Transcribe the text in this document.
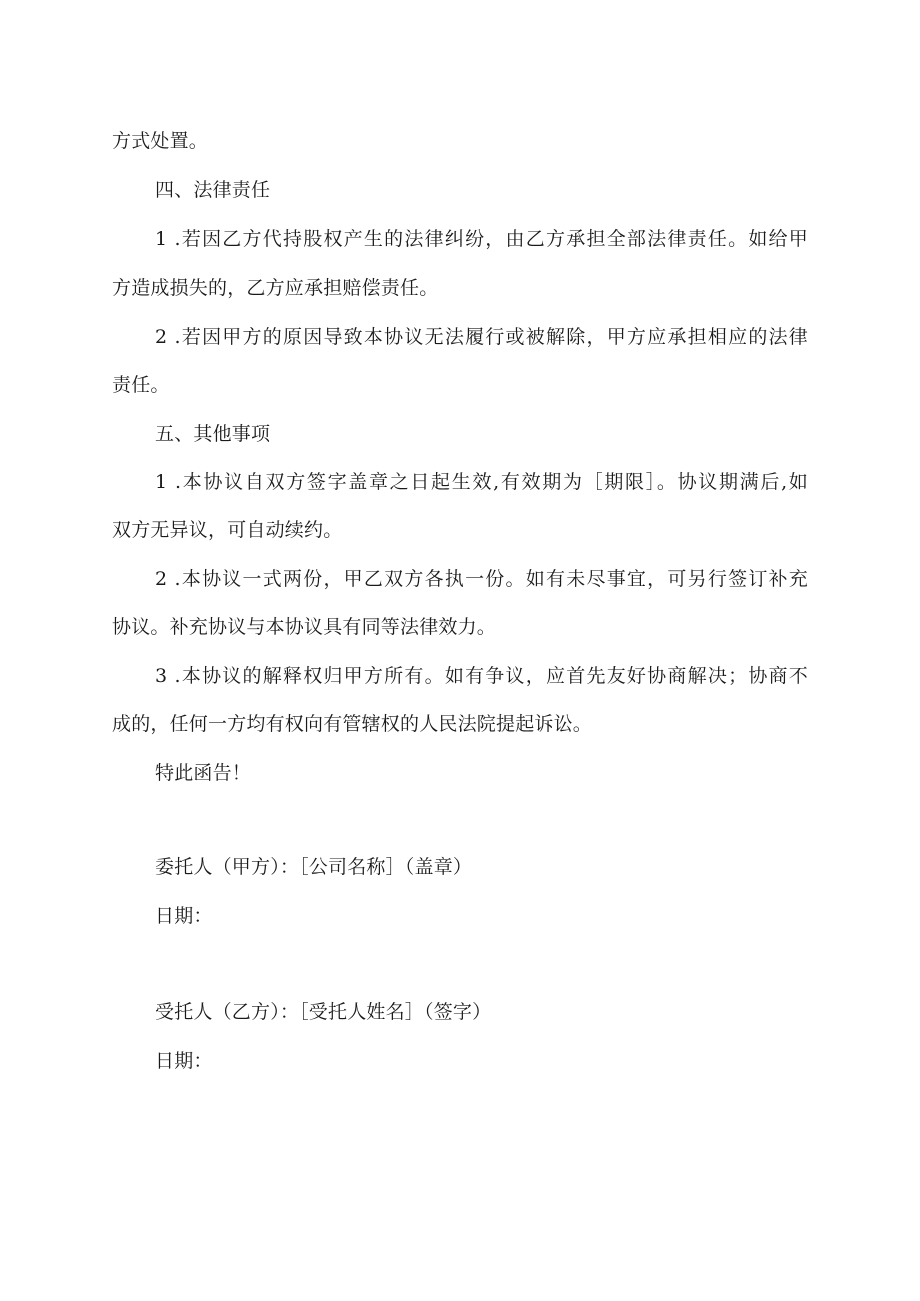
方式处置。
四、法律责任
1 .若因乙方代持股权产生的法律纠纷，由乙方承担全部法律责任。如给甲
方造成损失的，乙方应承担赔偿责任。
2 .若因甲方的原因导致本协议无法履行或被解除，甲方应承担相应的法律
责任。
五、其他事项
1 .本协议自双方签字盖章之日起生效,有效期为［期限］。协议期满后,如
双方无异议，可自动续约。
2 .本协议一式两份，甲乙双方各执一份。如有未尽事宜，可另行签订补充
协议。补充协议与本协议具有同等法律效力。
3 .本协议的解释权归甲方所有。如有争议，应首先友好协商解决；协商不
成的，任何一方均有权向有管辖权的人民法院提起诉讼。
特此函告！
委托人（甲方）：［公司名称］（盖章）
日期：
受托人（乙方）：［受托人姓名］（签字）
日期：
